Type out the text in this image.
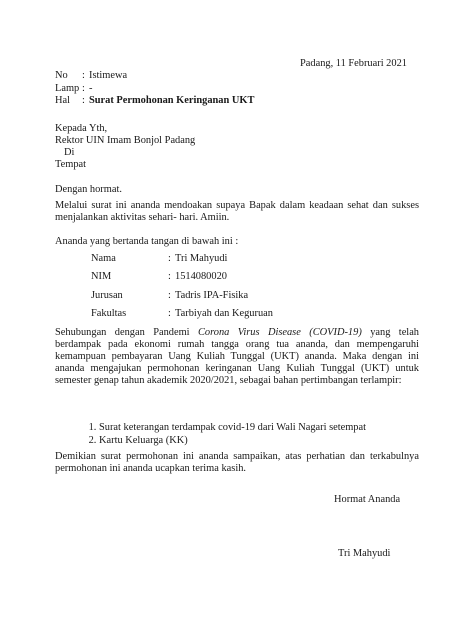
Padang, 11 Februari 2021
No : Istimewa
Lamp : -
Hal : Surat Permohonan Keringanan UKT
Kepada Yth,
Rektor UIN Imam Bonjol Padang
Di
Tempat
Dengan hormat.
Melalui surat ini ananda mendoakan supaya Bapak dalam keadaan sehat dan sukses menjalankan aktivitas sehari- hari. Amiin.
Ananda yang bertanda tangan di bawah ini :
Nama	: Tri Mahyudi
NIM	: 1514080020
Jurusan	: Tadris IPA-Fisika
Fakultas	: Tarbiyah dan Keguruan
Sehubungan dengan Pandemi Corona Virus Disease (COVID-19) yang telah berdampak pada ekonomi rumah tangga orang tua ananda, dan mempengaruhi kemampuan pembayaran Uang Kuliah Tunggal (UKT) ananda. Maka dengan ini ananda mengajukan permohonan keringanan Uang Kuliah Tunggal (UKT) untuk semester genap tahun akademik 2020/2021, sebagai bahan pertimbangan terlampir:
1. Surat keterangan terdampak covid-19 dari Wali Nagari setempat
2. Kartu Keluarga (KK)
Demikian surat permohonan ini ananda sampaikan, atas perhatian dan terkabulnya permohonan ini ananda ucapkan terima kasih.
Hormat Ananda
Tri Mahyudi
